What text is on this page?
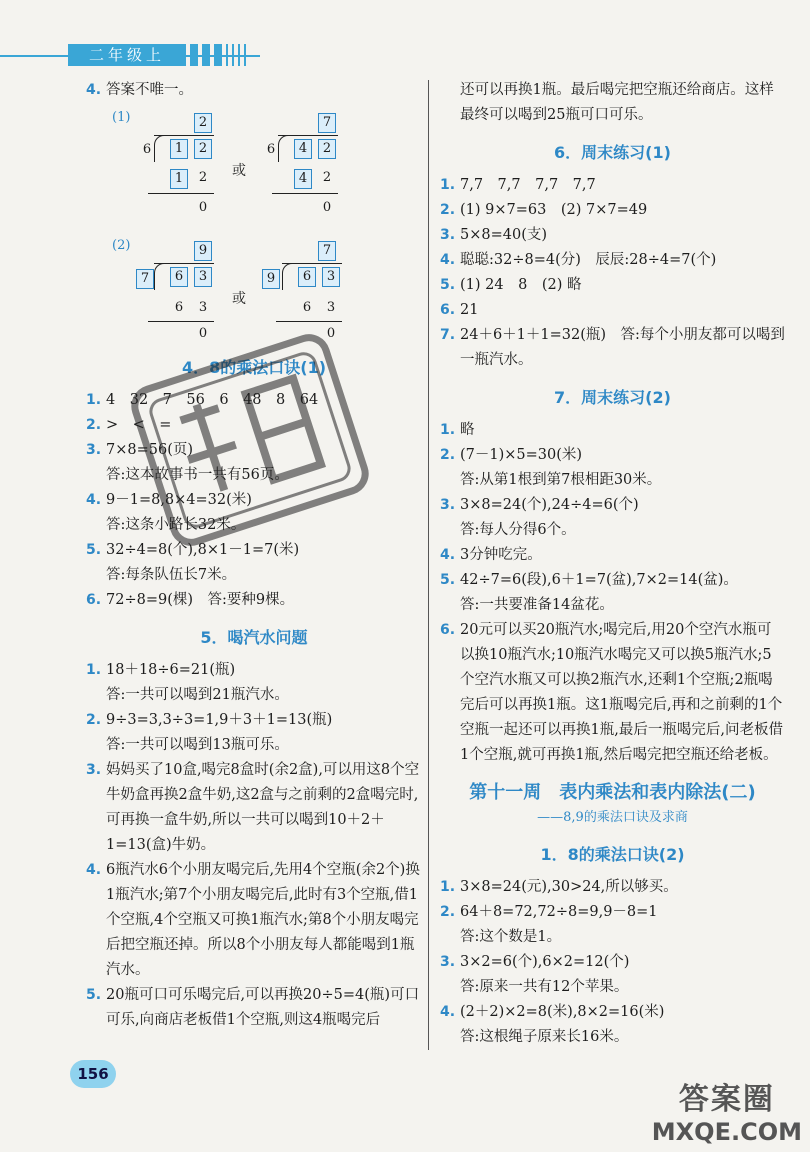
二年级上
4. 答案不唯一。
(1)
(2)
或
或
2
6	1	2
1	2
0
7
6	4	2
4	2
0
9
7	6	3
6	3
0
7
9	6	3
6	3
0
4．8的乘法口诀(1)
1. 4　32　7　56　6　48　8　64
2. >　<　=
3. 7×8=56(页)
答:这本故事书一共有56页。
4. 9－1=8,8×4=32(米)
答:这条小路长32米。
5. 32÷4=8(个),8×1－1=7(米)
答:每条队伍长7米。
6. 72÷8=9(棵)　答:要种9棵。
5．喝汽水问题
1. 18＋18÷6=21(瓶)
答:一共可以喝到21瓶汽水。
2. 9÷3=3,3÷3=1,9＋3＋1=13(瓶)
答:一共可以喝到13瓶可乐。
3. 妈妈买了10盒,喝完8盒时(余2盒),可以用这8个空牛奶盒再换2盒牛奶,这2盒与之前剩的2盒喝完时,可再换一盒牛奶,所以一共可以喝到10＋2＋1=13(盒)牛奶。
4. 6瓶汽水6个小朋友喝完后,先用4个空瓶(余2个)换1瓶汽水;第7个小朋友喝完后,此时有3个空瓶,借1个空瓶,4个空瓶又可换1瓶汽水;第8个小朋友喝完后把空瓶还掉。所以8个小朋友每人都能喝到1瓶汽水。
5. 20瓶可口可乐喝完后,可以再换20÷5=4(瓶)可口可乐,向商店老板借1个空瓶,则这4瓶喝完后
还可以再换1瓶。最后喝完把空瓶还给商店。这样最终可以喝到25瓶可口可乐。
6．周末练习(1)
1. 7,7　7,7　7,7　7,7
2. (1) 9×7=63　(2) 7×7=49
3. 5×8=40(支)
4. 聪聪:32÷8=4(分)　辰辰:28÷4=7(个)
5. (1) 24　8　(2) 略
6. 21
7. 24＋6＋1＋1=32(瓶)　答:每个小朋友都可以喝到一瓶汽水。
7．周末练习(2)
1. 略
2. (7－1)×5=30(米)
答:从第1根到第7根相距30米。
3. 3×8=24(个),24÷4=6(个)
答:每人分得6个。
4. 3分钟吃完。
5. 42÷7=6(段),6＋1=7(盆),7×2=14(盆)。
答:一共要准备14盆花。
6. 20元可以买20瓶汽水;喝完后,用20个空汽水瓶可以换10瓶汽水;10瓶汽水喝完又可以换5瓶汽水;5个空汽水瓶又可以换2瓶汽水,还剩1个空瓶;2瓶喝完后可以再换1瓶。这1瓶喝完后,再和之前剩的1个空瓶一起还可以再换1瓶,最后一瓶喝完后,问老板借1个空瓶,就可再换1瓶,然后喝完把空瓶还给老板。
第十一周　表内乘法和表内除法(二)
——8,9的乘法口诀及求商
1．8的乘法口诀(2)
1. 3×8=24(元),30>24,所以够买。
2. 64＋8=72,72÷8=9,9－8=1
答:这个数是1。
3. 3×2=6(个),6×2=12(个)
答:原来一共有12个苹果。
4. (2＋2)×2=8(米),8×2=16(米)
答:这根绳子原来长16米。
156
答案圈
MXQE.COM
